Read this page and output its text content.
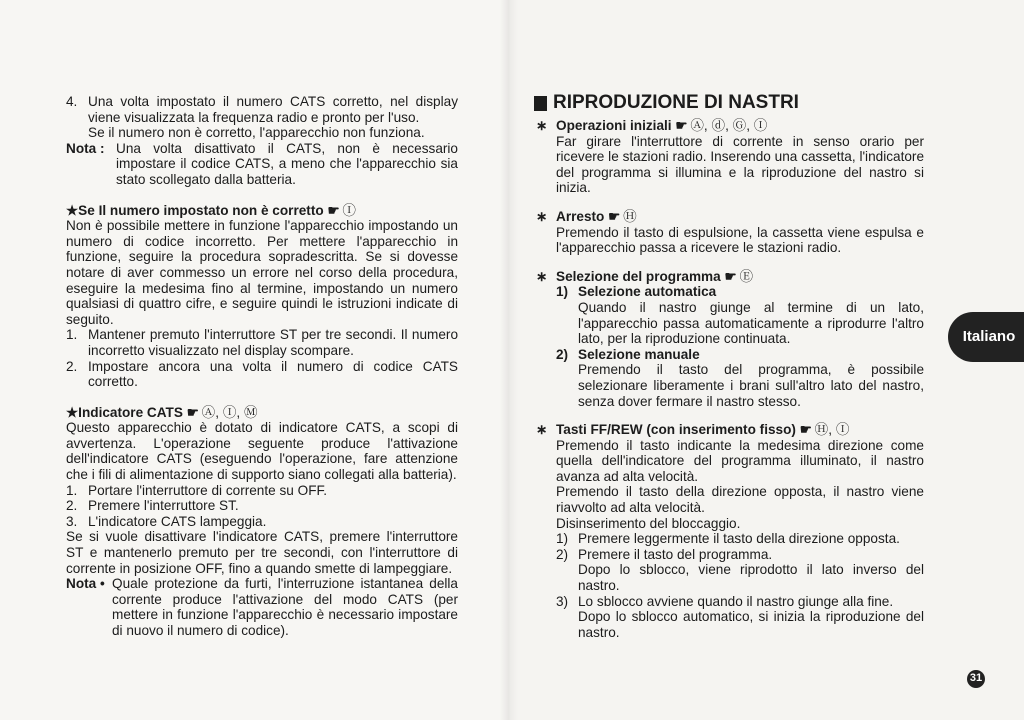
4. Una volta impostato il numero CATS corretto, nel display viene visualizzata la frequenza radio e pronto per l'uso.

Se il numero non è corretto, l'apparecchio non funziona.

Nota : Una volta disattivato il CATS, non è necessario impostare il codice CATS, a meno che l'apparecchio sia stato scollegato dalla batteria.

★Se Il numero impostato non è corretto ☛ Ⓘ

Non è possibile mettere in funzione l'apparecchio impostando un numero di codice incorretto. Per mettere l'apparecchio in funzione, seguire la procedura sopradescritta. Se si dovesse notare di aver commesso un errore nel corso della procedura, eseguire la medesima fino al termine, impostando un numero qualsiasi di quattro cifre, e seguire quindi le istruzioni indicate di seguito.

1. Mantener premuto l'interruttore ST per tre secondi. Il numero incorretto visualizzato nel display scompare.
2. Impostare ancora una volta il numero di codice CATS corretto.

★Indicatore CATS ☛ Ⓐ, Ⓘ, Ⓜ

Questo apparecchio è dotato di indicatore CATS, a scopi di avvertenza. L'operazione seguente produce l'attivazione dell'indicatore CATS (eseguendo l'operazione, fare attenzione che i fili di alimentazione di supporto siano collegati alla batteria).

1. Portare l'interruttore di corrente su OFF.
2. Premere l'interruttore ST.
3. L'indicatore CATS lampeggia.

Se si vuole disattivare l'indicatore CATS, premere l'interruttore ST e mantenerlo premuto per tre secondi, con l'interruttore di corrente in posizione OFF, fino a quando smette di lampeggiare.

Nota • Quale protezione da furti, l'interruzione istantanea della corrente produce l'attivazione del modo CATS (per mettere in funzione l'apparecchio è necessario impostare di nuovo il numero di codice).
RIPRODUZIONE DI NASTRI
∗ Operazioni iniziali ☛ Ⓐ, ⓓ, Ⓖ, Ⓘ

Far girare l'interruttore di corrente in senso orario per ricevere le stazioni radio. Inserendo una cassetta, l'indicatore del programma si illumina e la riproduzione del nastro si inizia.

∗ Arresto ☛ Ⓗ

Premendo il tasto di espulsione, la cassetta viene espulsa e l'apparecchio passa a ricevere le stazioni radio.

∗ Selezione del programma ☛ Ⓔ

1) Selezione automatica

Quando il nastro giunge al termine di un lato, l'apparecchio passa automaticamente a riprodurre l'altro lato, per la riproduzione continuata.

2) Selezione manuale

Premendo il tasto del programma, è possibile selezionare liberamente i brani sull'altro lato del nastro, senza dover fermare il nastro stesso.

∗ Tasti FF/REW (con inserimento fisso) ☛ Ⓗ, Ⓘ

Premendo il tasto indicante la medesima direzione come quella dell'indicatore del programma illuminato, il nastro avanza ad alta velocità.

Premendo il tasto della direzione opposta, il nastro viene riavvolto ad alta velocità.

Disinserimento del bloccaggio.

1) Premere leggermente il tasto della direzione opposta.

2) Premere il tasto del programma.

Dopo lo sblocco, viene riprodotto il lato inverso del nastro.

3) Lo sblocco avviene quando il nastro giunge alla fine.

Dopo lo sblocco automatico, si inizia la riproduzione del nastro.

Italiano
31
